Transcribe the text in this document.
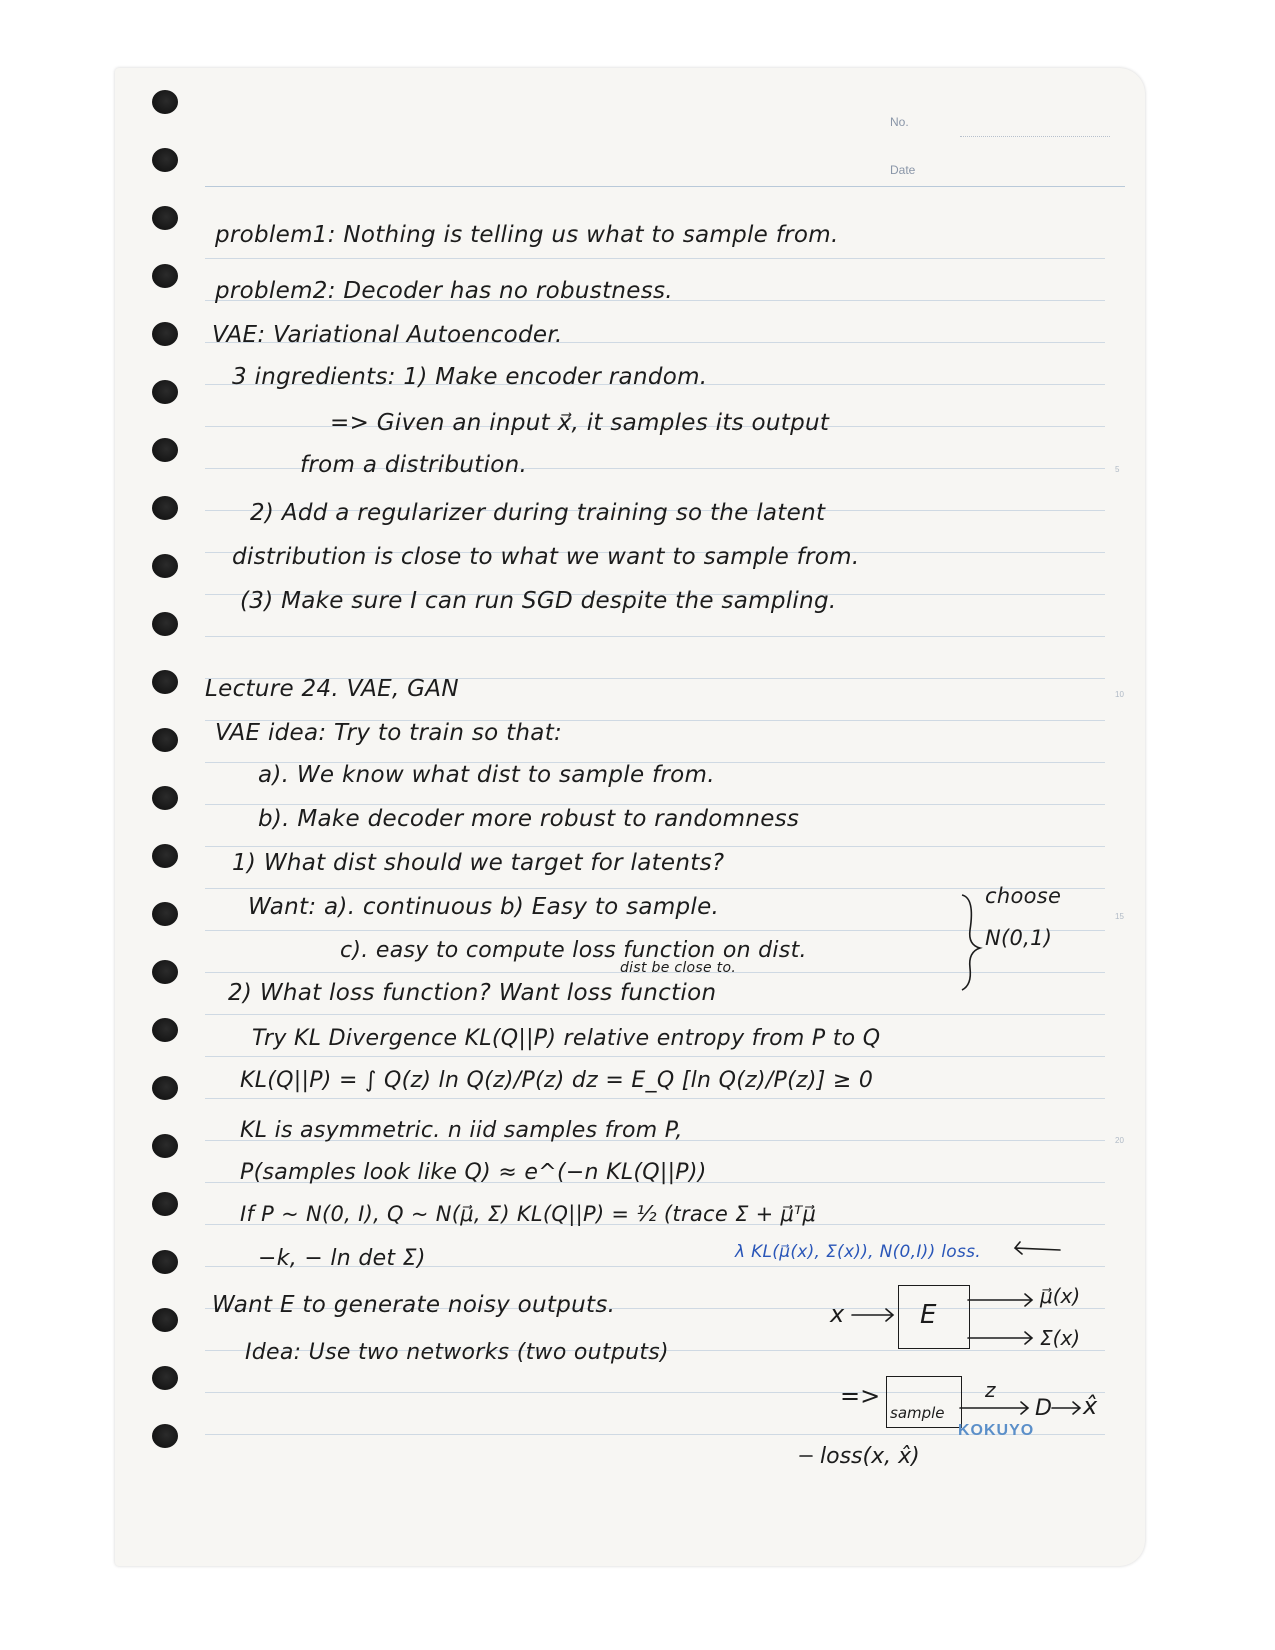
No.
Date
5
10
15
20
problem1: Nothing is telling us what to sample from.
problem2: Decoder has no robustness.
VAE: Variational Autoencoder.
3 ingredients: 1) Make encoder random.
=> Given an input x⃗, it samples its output
from a distribution.
2) Add a regularizer during training so the latent
distribution is close to what we want to sample from.
(3) Make sure I can run SGD despite the sampling.
Lecture 24. VAE, GAN
VAE idea: Try to train so that:
a). We know what dist to sample from.
b). Make decoder more robust to randomness
1) What dist should we target for latents?
Want: a). continuous b) Easy to sample.
c). easy to compute loss function on dist.
2) What loss function? Want loss function
Try KL Divergence KL(Q||P) relative entropy from P to Q
KL(Q||P) = ∫ Q(z) ln Q(z)/P(z) dz = E_Q [ln Q(z)/P(z)] ≥ 0
KL is asymmetric. n iid samples from P,
P(samples look like Q) ≈ e^(−n KL(Q||P))
If P ~ N(0, I), Q ~ N(μ⃗, Σ) KL(Q||P) = ½ (trace Σ + μ⃗ᵀμ⃗
−k, − ln det Σ)
Want E to generate noisy outputs.
Idea: Use two networks (two outputs)
choose
N(0,1)
dist be close to.
λ KL(μ⃗(x), Σ(x)), N(0,I)) loss.
x	E
μ⃗(x)
Σ(x)
=>
sample
z
D x̂
loss(x, x̂)
KOKUYO
